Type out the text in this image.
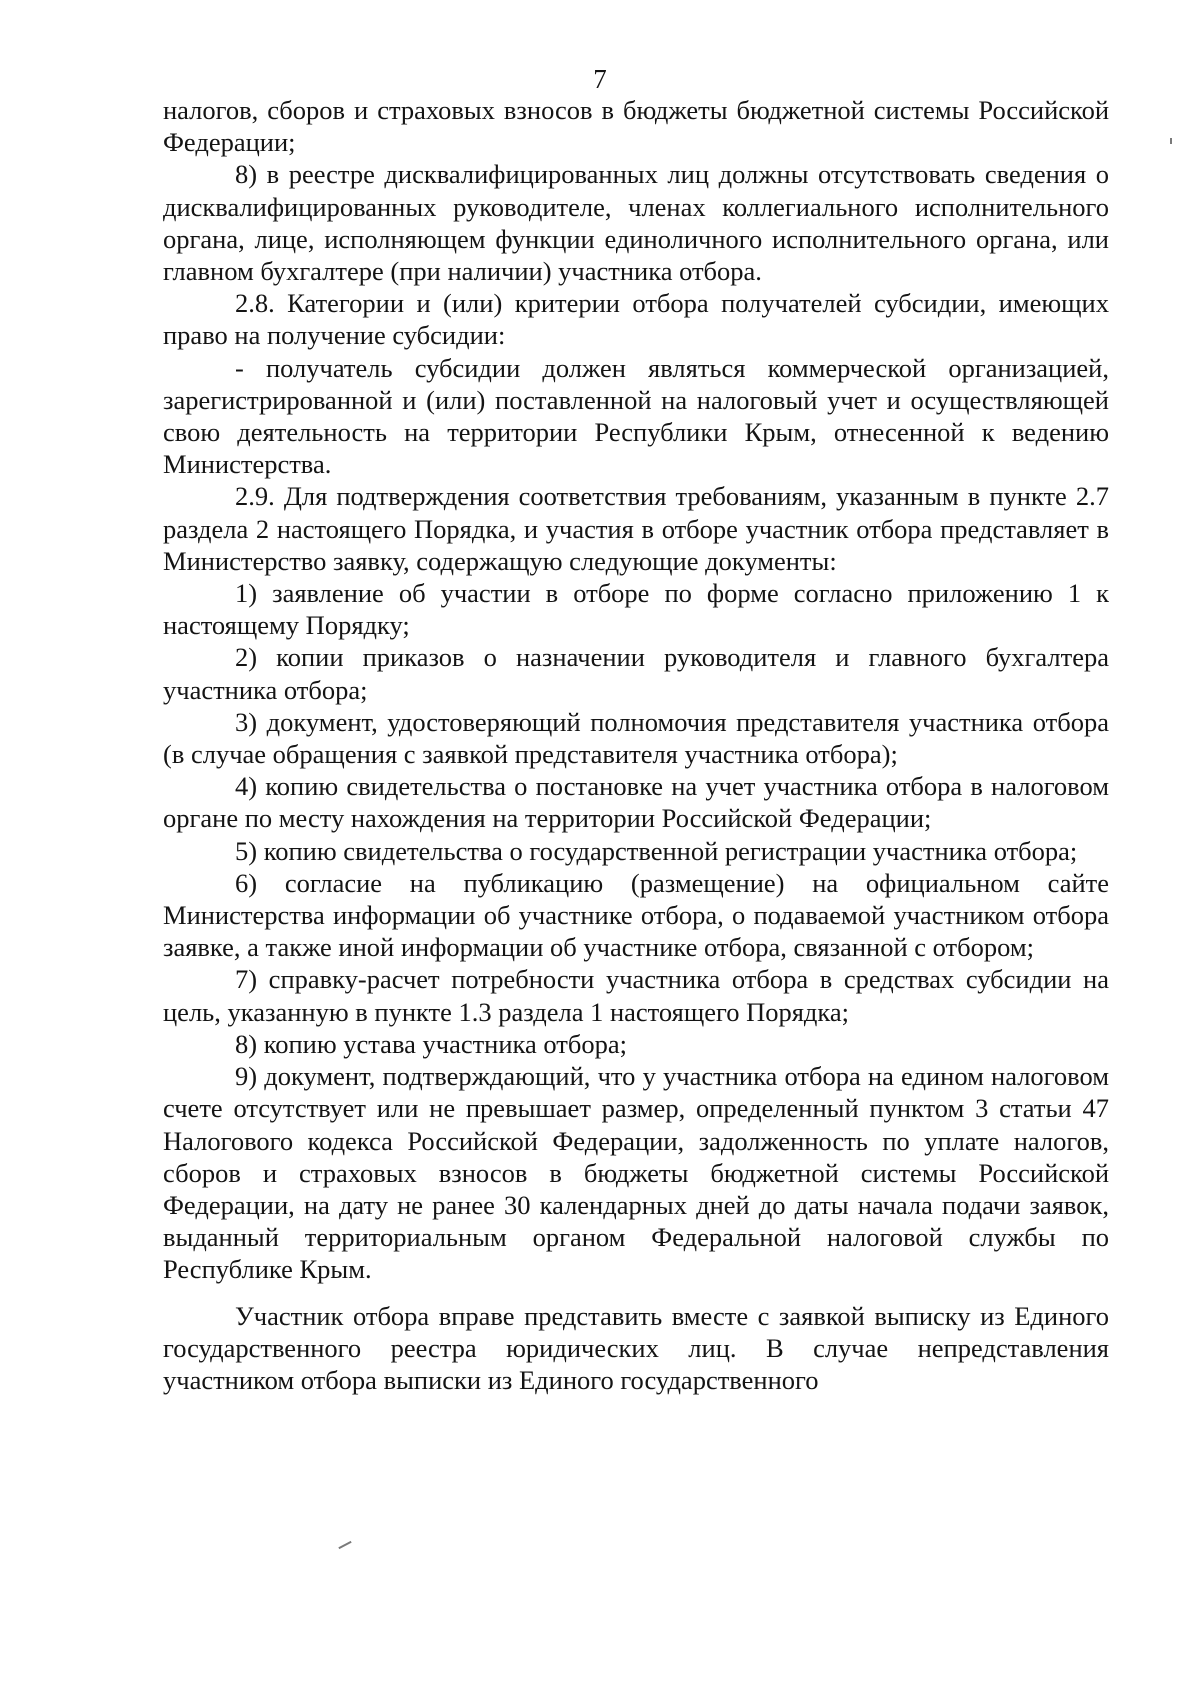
7

налогов, сборов и страховых взносов в бюджеты бюджетной системы Российской Федерации;

8) в реестре дисквалифицированных лиц должны отсутствовать сведения о дисквалифицированных руководителе, членах коллегиального исполнительного органа, лице, исполняющем функции единоличного исполнительного органа, или главном бухгалтере (при наличии) участника отбора.

2.8. Категории и (или) критерии отбора получателей субсидии, имеющих право на получение субсидии:

- получатель субсидии должен являться коммерческой организацией, зарегистрированной и (или) поставленной на налоговый учет и осуществляющей свою деятельность на территории Республики Крым, отнесенной к ведению Министерства.

2.9. Для подтверждения соответствия требованиям, указанным в пункте 2.7 раздела 2 настоящего Порядка, и участия в отборе участник отбора представляет в Министерство заявку, содержащую следующие документы:

1) заявление об участии в отборе по форме согласно приложению 1 к настоящему Порядку;

2) копии приказов о назначении руководителя и главного бухгалтера участника отбора;

3) документ, удостоверяющий полномочия представителя участника отбора (в случае обращения с заявкой представителя участника отбора);

4) копию свидетельства о постановке на учет участника отбора в налоговом органе по месту нахождения на территории Российской Федерации;

5) копию свидетельства о государственной регистрации участника отбора;

6) согласие на публикацию (размещение) на официальном сайте Министерства информации об участнике отбора, о подаваемой участником отбора заявке, а также иной информации об участнике отбора, связанной с отбором;

7) справку-расчет потребности участника отбора в средствах субсидии на цель, указанную в пункте 1.3 раздела 1 настоящего Порядка;

8) копию устава участника отбора;

9) документ, подтверждающий, что у участника отбора на едином налоговом счете отсутствует или не превышает размер, определенный пунктом 3 статьи 47 Налогового кодекса Российской Федерации, задолженность по уплате налогов, сборов и страховых взносов в бюджеты бюджетной системы Российской Федерации, на дату не ранее 30 календарных дней до даты начала подачи заявок, выданный территориальным органом Федеральной налоговой службы по Республике Крым.

Участник отбора вправе представить вместе с заявкой выписку из Единого государственного реестра юридических лиц. В случае непредставления участником отбора выписки из Единого государственного
